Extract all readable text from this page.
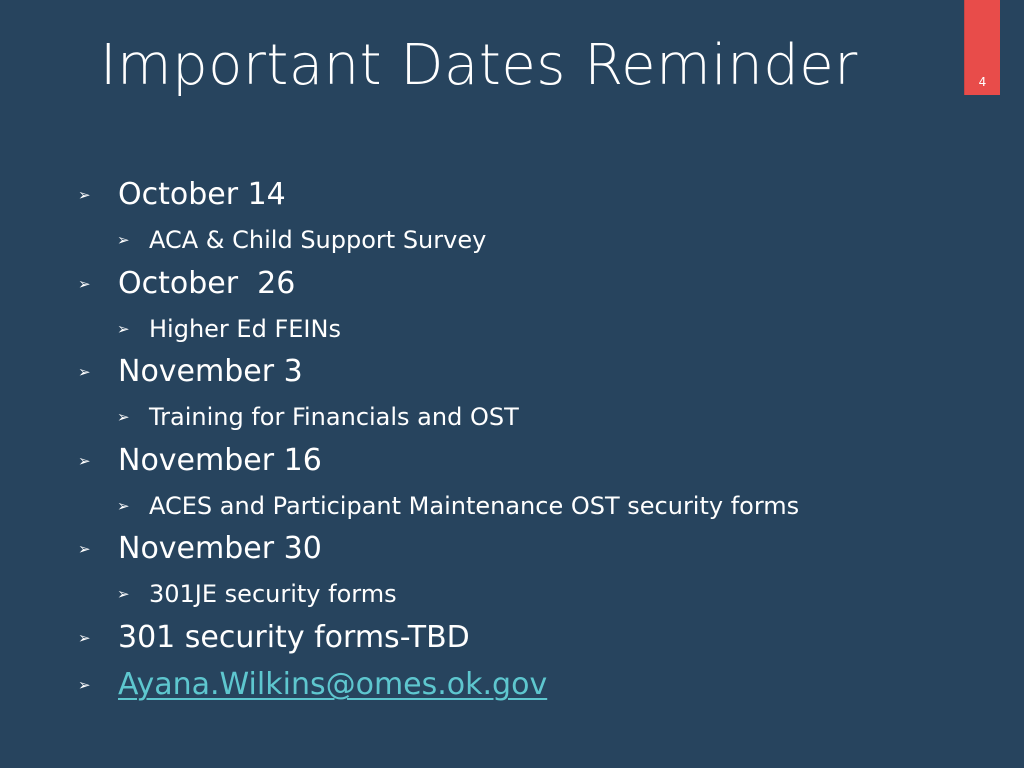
Important Dates Reminder	4
➢ October 14
➢ ACA & Child Support Survey
➢ October  26
➢ Higher Ed FEINs
➢ November 3
➢ Training for Financials and OST
➢ November 16
➢ ACES and Participant Maintenance OST security forms
➢ November 30
➢ 301JE security forms
➢ 301 security forms-TBD
➢ Ayana.Wilkins@omes.ok.gov
